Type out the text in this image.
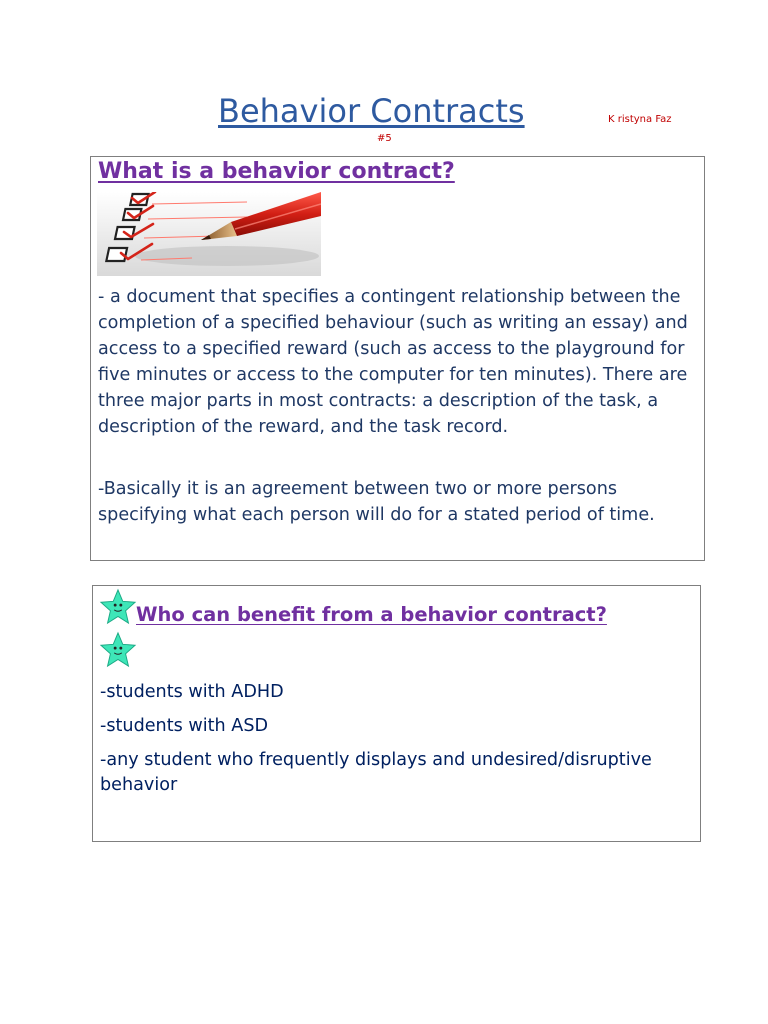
Behavior Contracts	K ristyna Faz
#5
What is a behavior contract?

- a document that specifies a contingent relationship between the completion of a specified behaviour (such as writing an essay) and access to a specified reward (such as access to the playground for five minutes or access to the computer for ten minutes). There are three major parts in most contracts: a description of the task, a description of the reward, and the task record.

-Basically it is an agreement between two or more persons specifying what each person will do for a stated period of time.

Who can benefit from a behavior contract?
-students with ADHD
-students with ASD
-any student who frequently displays and undesired/disruptive behavior
